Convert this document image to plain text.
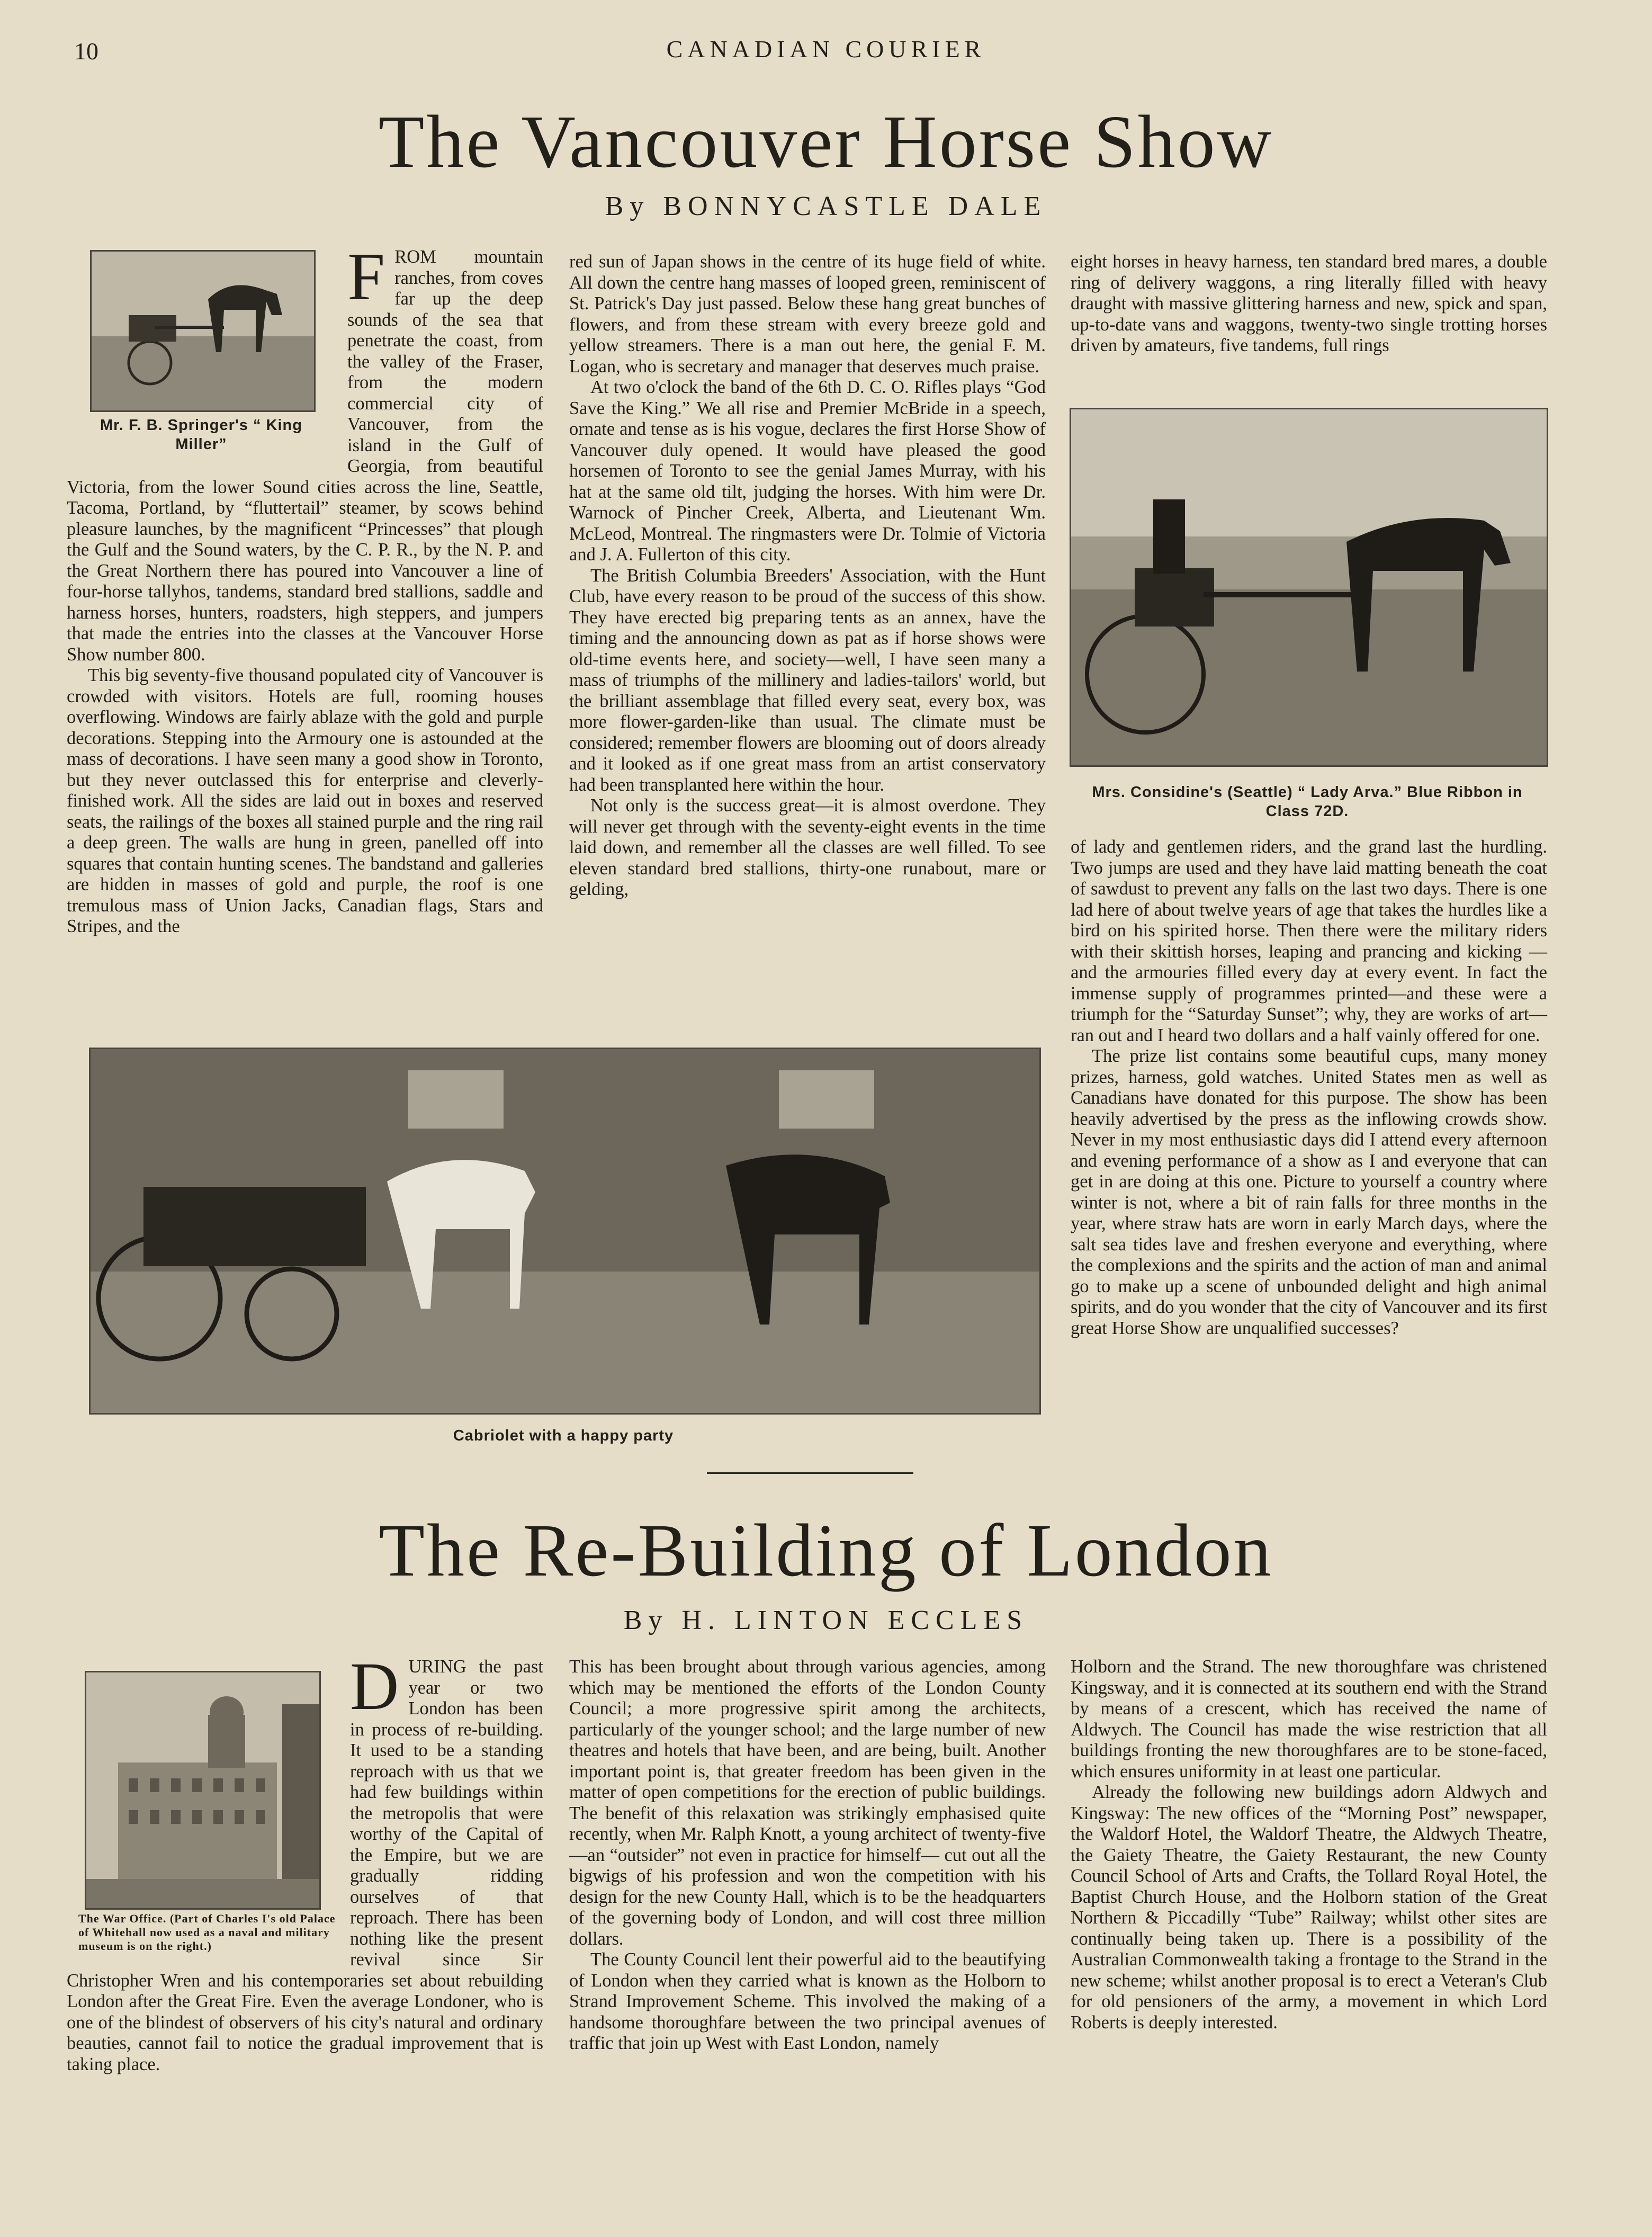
10	CANADIAN COURIER
The Vancouver Horse Show
By BONNYCASTLE DALE
Mr. F. B. Springer's “ King Miller”
F ROM mountain ranches, from coves far up the deep sounds of the sea that penetrate the coast, from the valley of the Fraser, from the modern commercial city of Vancouver, from the island in the Gulf of Georgia, from beautiful Victoria, from the lower Sound cities across the line, Seattle, Tacoma, Portland, by “fluttertail” steamer, by scows behind pleasure launches, by the magnificent “Princesses” that plough the Gulf and the Sound waters, by the C. P. R., by the N. P. and the Great Northern there has poured into Vancouver a line of four-horse tallyhos, tandems, standard bred stallions, saddle and harness horses, hunters, roadsters, high steppers, and jumpers that made the entries into the classes at the Vancouver Horse Show number 800.

This big seventy-five thousand populated city of Vancouver is crowded with visitors. Hotels are full, rooming houses overflowing. Windows are fairly ablaze with the gold and purple decorations. Stepping into the Armoury one is astounded at the mass of decorations. I have seen many a good show in Toronto, but they never outclassed this for enterprise and cleverly-finished work. All the sides are laid out in boxes and reserved seats, the railings of the boxes all stained purple and the ring rail a deep green. The walls are hung in green, panelled off into squares that contain hunting scenes. The bandstand and galleries are hidden in masses of gold and purple, the roof is one tremulous mass of Union Jacks, Canadian flags, Stars and Stripes, and the

red sun of Japan shows in the centre of its huge field of white. All down the centre hang masses of looped green, reminiscent of St. Patrick's Day just passed. Below these hang great bunches of flowers, and from these stream with every breeze gold and yellow streamers. There is a man out here, the genial F. M. Logan, who is secretary and manager that deserves much praise.

At two o'clock the band of the 6th D. C. O. Rifles plays “God Save the King.” We all rise and Premier McBride in a speech, ornate and tense as is his vogue, declares the first Horse Show of Vancouver duly opened. It would have pleased the good horsemen of Toronto to see the genial James Murray, with his hat at the same old tilt, judging the horses. With him were Dr. Warnock of Pincher Creek, Alberta, and Lieutenant Wm. McLeod, Montreal. The ringmasters were Dr. Tolmie of Victoria and J. A. Fullerton of this city.

The British Columbia Breeders' Association, with the Hunt Club, have every reason to be proud of the success of this show. They have erected big preparing tents as an annex, have the timing and the announcing down as pat as if horse shows were old-time events here, and society—well, I have seen many a mass of triumphs of the millinery and ladies-tailors' world, but the brilliant assemblage that filled every seat, every box, was more flower-garden-like than usual. The climate must be considered; remember flowers are blooming out of doors already and it looked as if one great mass from an artist conservatory had been transplanted here within the hour.

Not only is the success great—it is almost overdone. They will never get through with the seventy-eight events in the time laid down, and remember all the classes are well filled. To see eleven standard bred stallions, thirty-one runabout, mare or gelding,

eight horses in heavy harness, ten standard bred mares, a double ring of delivery waggons, a ring literally filled with heavy draught with massive glittering harness and new, spick and span, up-to-date vans and waggons, twenty-two single trotting horses driven by amateurs, five tandems, full rings

Mrs. Considine's (Seattle) “ Lady Arva.” Blue Ribbon in Class 72D.

of lady and gentlemen riders, and the grand last the hurdling. Two jumps are used and they have laid matting beneath the coat of sawdust to prevent any falls on the last two days. There is one lad here of about twelve years of age that takes the hurdles like a bird on his spirited horse. Then there were the military riders with their skittish horses, leaping and prancing and kicking — and the armouries filled every day at every event. In fact the immense supply of programmes printed—and these were a triumph for the “Saturday Sunset”; why, they are works of art—ran out and I heard two dollars and a half vainly offered for one.

The prize list contains some beautiful cups, many money prizes, harness, gold watches. United States men as well as Canadians have donated for this purpose. The show has been heavily advertised by the press as the inflowing crowds show. Never in my most enthusiastic days did I attend every afternoon and evening performance of a show as I and everyone that can get in are doing at this one. Picture to yourself a country where winter is not, where a bit of rain falls for three months in the year, where straw hats are worn in early March days, where the salt sea tides lave and freshen everyone and everything, where the complexions and the spirits and the action of man and animal go to make up a scene of unbounded delight and high animal spirits, and do you wonder that the city of Vancouver and its first great Horse Show are unqualified successes?

Cabriolet with a happy party
The Re-Building of London
By H. LINTON ECCLES
The War Office. (Part of Charles I's old Palace of Whitehall now used as a naval and military museum is on the right.)
D URING the past year or two London has been in process of re-building. It used to be a standing reproach with us that we had few buildings within the metropolis that were worthy of the Capital of the Empire, but we are gradually ridding ourselves of that reproach. There has been nothing like the present revival since Sir Christopher Wren and his contemporaries set about rebuilding London after the Great Fire. Even the average Londoner, who is one of the blindest of observers of his city's natural and ordinary beauties, cannot fail to notice the gradual improvement that is taking place.

This has been brought about through various agencies, among which may be mentioned the efforts of the London County Council; a more progressive spirit among the architects, particularly of the younger school; and the large number of new theatres and hotels that have been, and are being, built. Another important point is, that greater freedom has been given in the matter of open competitions for the erection of public buildings. The benefit of this relaxation was strikingly emphasised quite recently, when Mr. Ralph Knott, a young architect of twenty-five—an “outsider” not even in practice for himself— cut out all the bigwigs of his profession and won the competition with his design for the new County Hall, which is to be the headquarters of the governing body of London, and will cost three million dollars.

The County Council lent their powerful aid to the beautifying of London when they carried what is known as the Holborn to Strand Improvement Scheme. This involved the making of a handsome thoroughfare between the two principal avenues of traffic that join up West with East London, namely

Holborn and the Strand. The new thoroughfare was christened Kingsway, and it is connected at its southern end with the Strand by means of a crescent, which has received the name of Aldwych. The Council has made the wise restriction that all buildings fronting the new thoroughfares are to be stone-faced, which ensures uniformity in at least one particular.

Already the following new buildings adorn Aldwych and Kingsway: The new offices of the “Morning Post” newspaper, the Waldorf Hotel, the Waldorf Theatre, the Aldwych Theatre, the Gaiety Theatre, the Gaiety Restaurant, the new County Council School of Arts and Crafts, the Tollard Royal Hotel, the Baptist Church House, and the Holborn station of the Great Northern & Piccadilly “Tube” Railway; whilst other sites are continually being taken up. There is a possibility of the Australian Commonwealth taking a frontage to the Strand in the new scheme; whilst another proposal is to erect a Veteran's Club for old pensioners of the army, a movement in which Lord Roberts is deeply interested.
